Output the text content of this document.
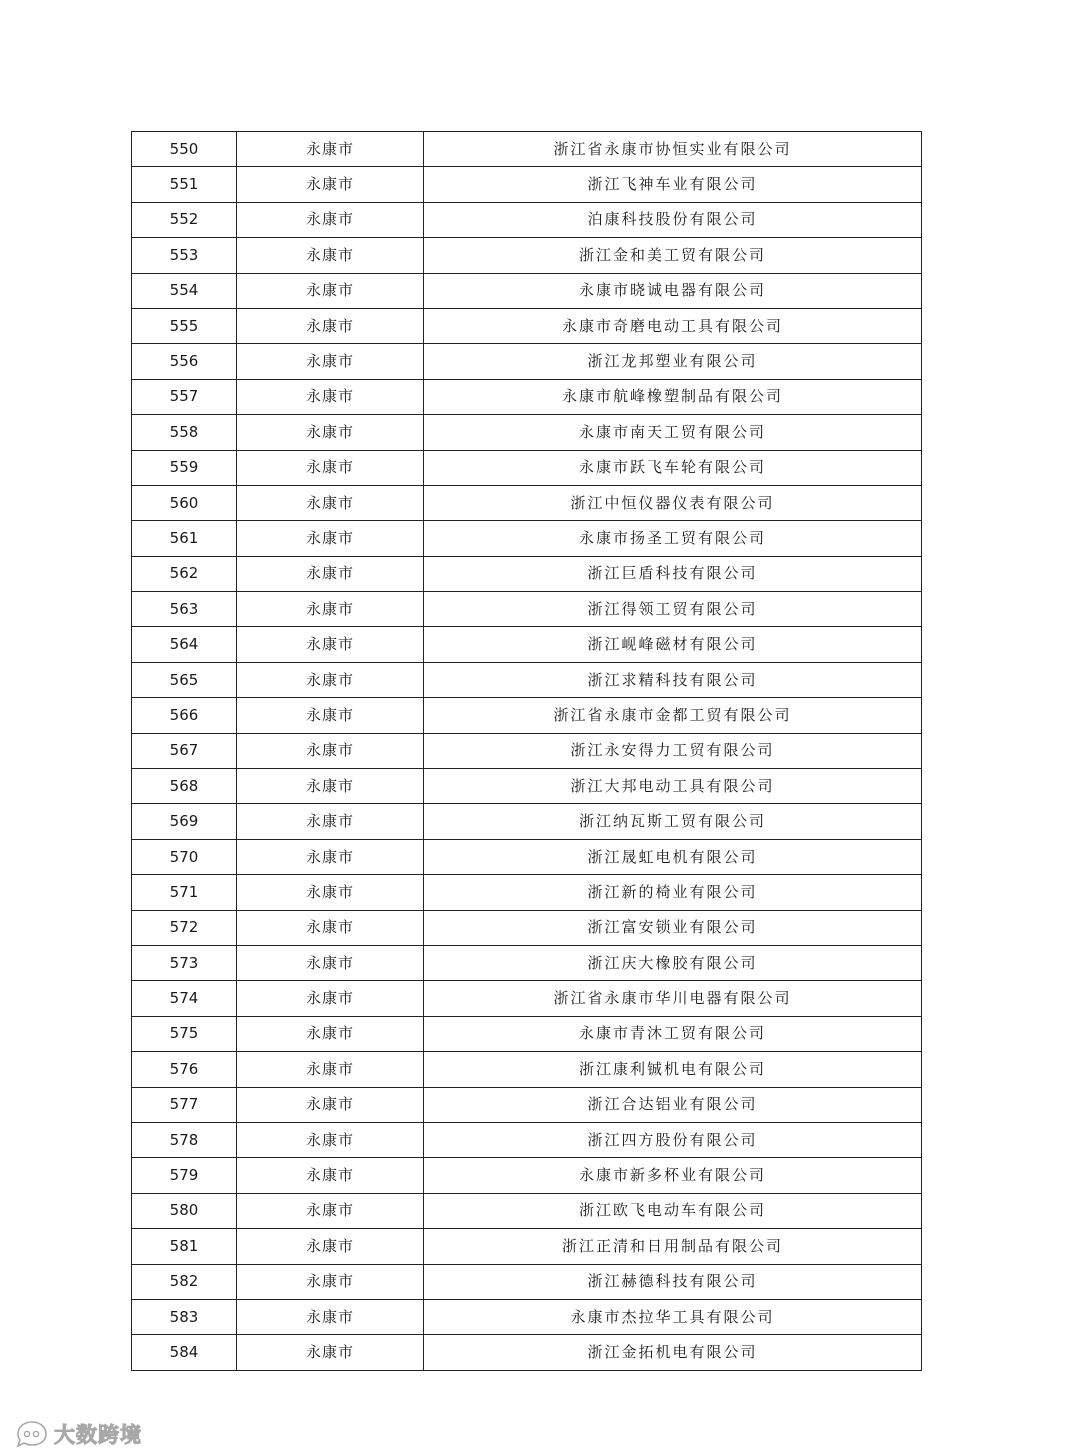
550	永康市	浙江省永康市协恒实业有限公司
551	永康市	浙江飞神车业有限公司
552	永康市	泊康科技股份有限公司
553	永康市	浙江金和美工贸有限公司
554	永康市	永康市晓诚电器有限公司
555	永康市	永康市奇磨电动工具有限公司
556	永康市	浙江龙邦塑业有限公司
557	永康市	永康市航峰橡塑制品有限公司
558	永康市	永康市南天工贸有限公司
559	永康市	永康市跃飞车轮有限公司
560	永康市	浙江中恒仪器仪表有限公司
561	永康市	永康市扬圣工贸有限公司
562	永康市	浙江巨盾科技有限公司
563	永康市	浙江得领工贸有限公司
564	永康市	浙江岘峰磁材有限公司
565	永康市	浙江求精科技有限公司
566	永康市	浙江省永康市金都工贸有限公司
567	永康市	浙江永安得力工贸有限公司
568	永康市	浙江大邦电动工具有限公司
569	永康市	浙江纳瓦斯工贸有限公司
570	永康市	浙江晟虹电机有限公司
571	永康市	浙江新的椅业有限公司
572	永康市	浙江富安锁业有限公司
573	永康市	浙江庆大橡胶有限公司
574	永康市	浙江省永康市华川电器有限公司
575	永康市	永康市青沐工贸有限公司
576	永康市	浙江康利铖机电有限公司
577	永康市	浙江合达铝业有限公司
578	永康市	浙江四方股份有限公司
579	永康市	永康市新多杯业有限公司
580	永康市	浙江欧飞电动车有限公司
581	永康市	浙江正清和日用制品有限公司
582	永康市	浙江赫德科技有限公司
583	永康市	永康市杰拉华工具有限公司
584	永康市	浙江金拓机电有限公司
大数跨境
